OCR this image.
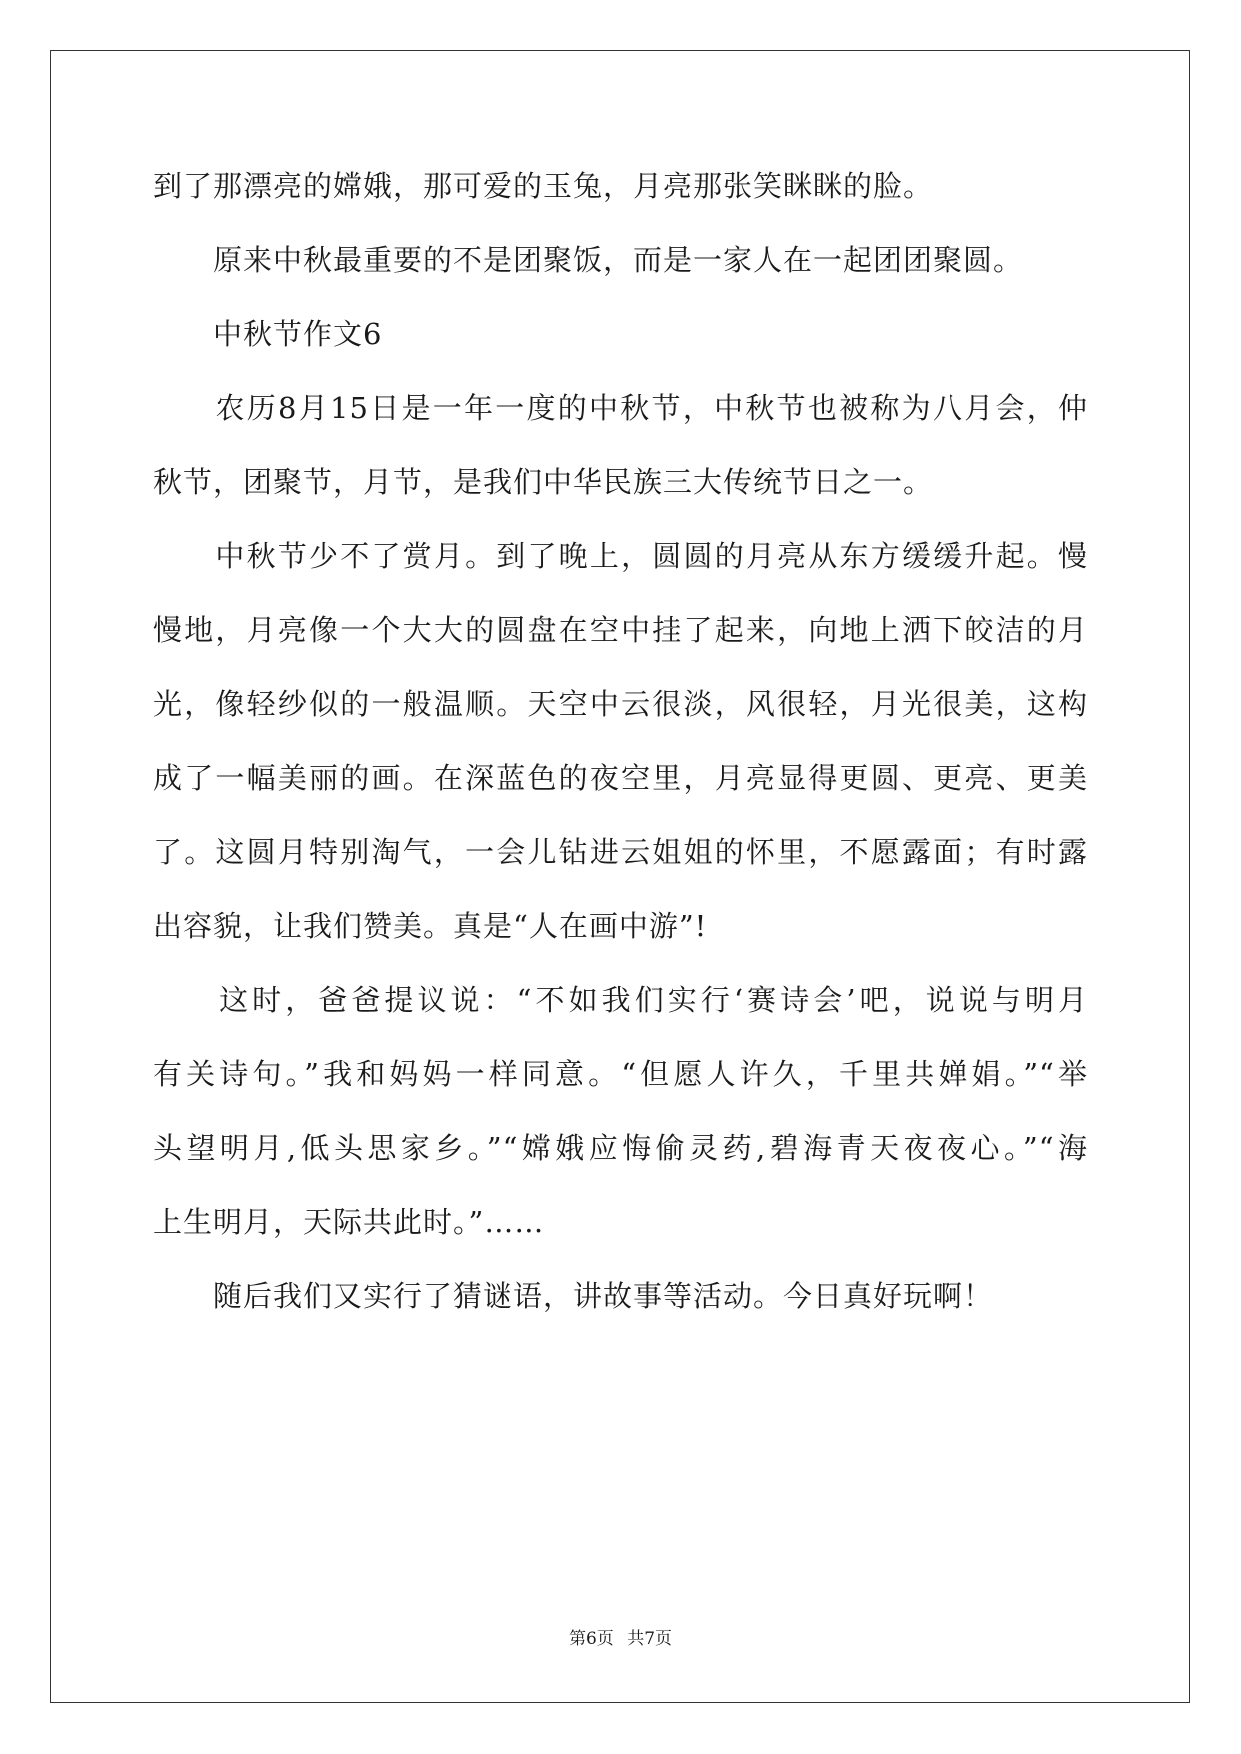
到了那漂亮的嫦娥，那可爱的玉兔，月亮那张笑眯眯的脸。
　　原来中秋最重要的不是团聚饭，而是一家人在一起团团聚圆。
　　中秋节作文6
　　农历8月15日是一年一度的中秋节，中秋节也被称为八月会，仲
秋节，团聚节，月节，是我们中华民族三大传统节日之一。
　　中秋节少不了赏月。到了晚上，圆圆的月亮从东方缓缓升起。慢
慢地，月亮像一个大大的圆盘在空中挂了起来，向地上洒下皎洁的月
光，像轻纱似的一般温顺。天空中云很淡，风很轻，月光很美，这构
成了一幅美丽的画。在深蓝色的夜空里，月亮显得更圆、更亮、更美
了。这圆月特别淘气，一会儿钻进云姐姐的怀里，不愿露面；有时露
出容貌，让我们赞美。真是“人在画中游”!
　　这时，爸爸提议说：“不如我们实行‘赛诗会’吧，说说与明月
有关诗句。”我和妈妈一样同意。“但愿人许久，千里共婵娟。”“举
头望明月,低头思家乡。”“嫦娥应悔偷灵药,碧海青天夜夜心。”“海
上生明月，天际共此时。”……
　　随后我们又实行了猜谜语，讲故事等活动。今日真好玩啊！
第6页 共7页
